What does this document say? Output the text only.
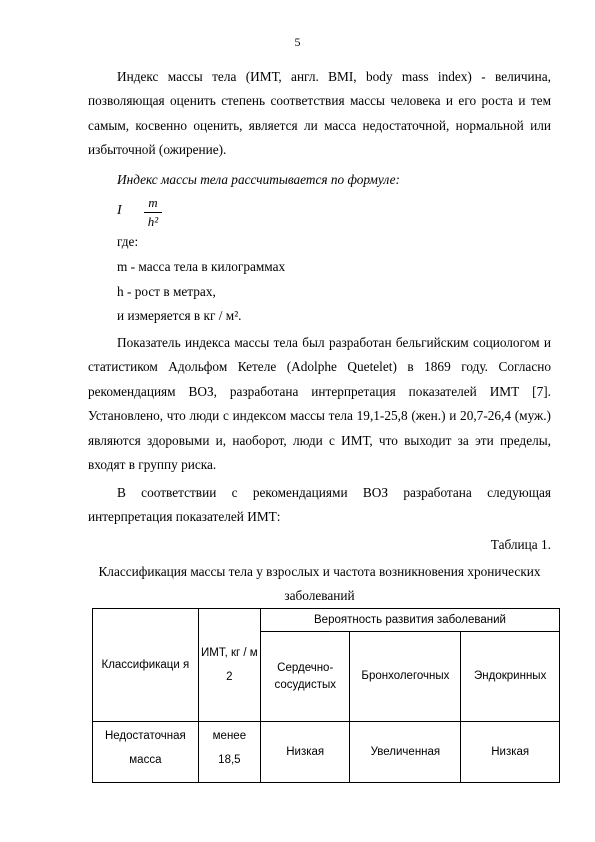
5

Индекс массы тела (ИМТ, англ. BMI, body mass index) - величина, позволяющая оценить степень соответствия массы человека и его роста и тем самым, косвенно оценить, является ли масса недостаточной, нормальной или избыточной (ожирение).

Индекс массы тела рассчитывается по формуле:
I
m
h²
где:
m - масса тела в килограммах
h - рост в метрах,
и измеряется в кг / м².

Показатель индекса массы тела был разработан бельгийским социологом и статистиком Адольфом Кетеле (Adolphe Quetelet) в 1869 году. Согласно рекомендациям ВОЗ, разработана интерпретация показателей ИМТ [7]. Установлено, что люди с индексом массы тела 19,1-25,8 (жен.) и 20,7-26,4 (муж.) являются здоровыми и, наоборот, люди с ИМТ, что выходит за эти пределы, входят в группу риска.

В соответствии с рекомендациями ВОЗ разработана следующая интерпретация показателей ИМТ:

Таблица 1.
Классификация массы тела у взрослых и частота возникновения хронических заболеваний
Классификаци я	ИМТ, кг / м 2	Вероятность развития заболеваний		
		Сердечно-сосудистых	Бронхолегочных	Эндокринных
Недостаточная масса	менее 18,5	Низкая	Увеличенная	Низкая
